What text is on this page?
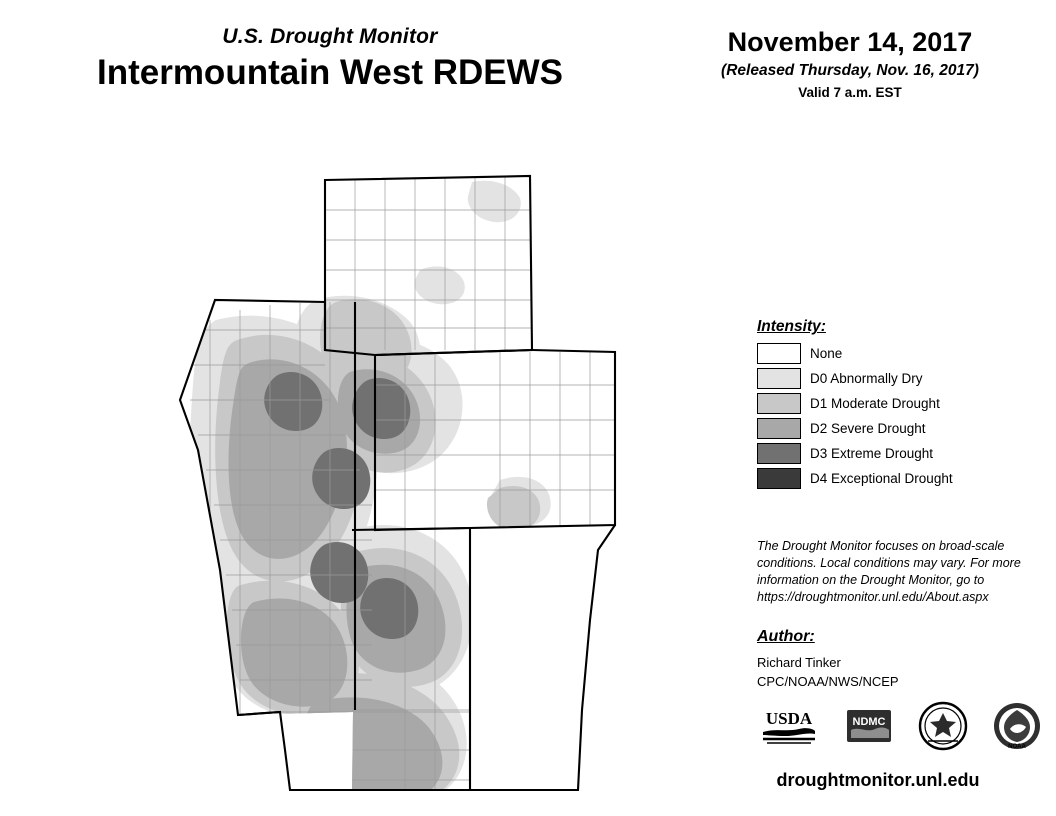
U.S. Drought Monitor
Intermountain West RDEWS
November 14, 2017
(Released Thursday, Nov. 16, 2017)
Valid 7 a.m. EST
Intensity:
None
D0 Abnormally Dry
D1 Moderate Drought
D2 Severe Drought
D3 Extreme Drought
D4 Exceptional Drought
The Drought Monitor focuses on broad-scale conditions. Local conditions may vary. For more information on the Drought Monitor, go to https://droughtmonitor.unl.edu/About.aspx
Author:
Richard Tinker
CPC/NOAA/NWS/NCEP
USDA	NDMC
NOAA
droughtmonitor.unl.edu
